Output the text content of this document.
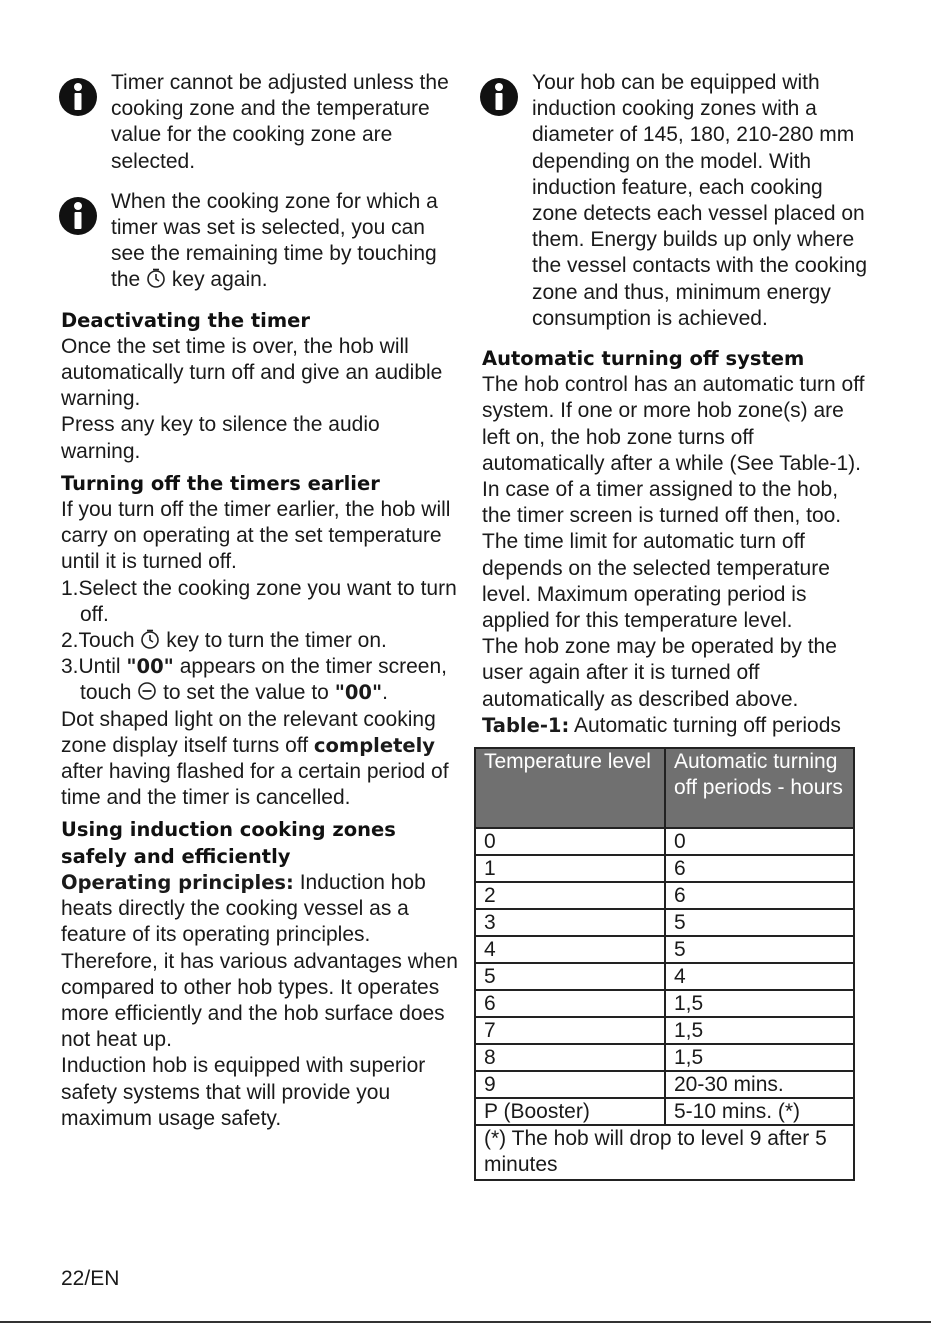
Timer cannot be adjusted unless the cooking zone and the temperature value for the cooking zone are selected.

When the cooking zone for which a timer was set is selected, you can see the remaining time by touching the key again.

Deactivating the timer

Once the set time is over, the hob will automatically turn off and give an audible warning.

Press any key to silence the audio warning.

Turning off the timers earlier

If you turn off the timer earlier, the hob will carry on operating at the set temperature until it is turned off.

1.Select the cooking zone you want to turn off.

2.Touch key to turn the timer on.

3.Until "00" appears on the timer screen, touch to set the value to "00".

Dot shaped light on the relevant cooking zone display itself turns off completely after having flashed for a certain period of time and the timer is cancelled.

Using induction cooking zones safely and efficiently

Operating principles: Induction hob heats directly the cooking vessel as a feature of its operating principles. Therefore, it has various advantages when compared to other hob types. It operates more efficiently and the hob surface does not heat up.

Induction hob is equipped with superior safety systems that will provide you maximum usage safety.

Your hob can be equipped with induction cooking zones with a diameter of 145, 180, 210-280 mm depending on the model. With induction feature, each cooking zone detects each vessel placed on them. Energy builds up only where the vessel contacts with the cooking zone and thus, minimum energy consumption is achieved.

Automatic turning off system

The hob control has an automatic turn off system. If one or more hob zone(s) are left on, the hob zone turns off automatically after a while (See Table-1). In case of a timer assigned to the hob, the timer screen is turned off then, too. The time limit for automatic turn off depends on the selected temperature level. Maximum operating period is applied for this temperature level.

The hob zone may be operated by the user again after it is turned off automatically as described above.

Table-1: Automatic turning off periods

Temperature level	Automatic turning off periods - hours
0	0
1	6
2	6
3	5
4	5
5	4
6	1,5
7	1,5
8	1,5
9	20-30 mins.
P (Booster)	5-10 mins. (*)
(*) The hob will drop to level 9 after 5 minutes	
22/EN
